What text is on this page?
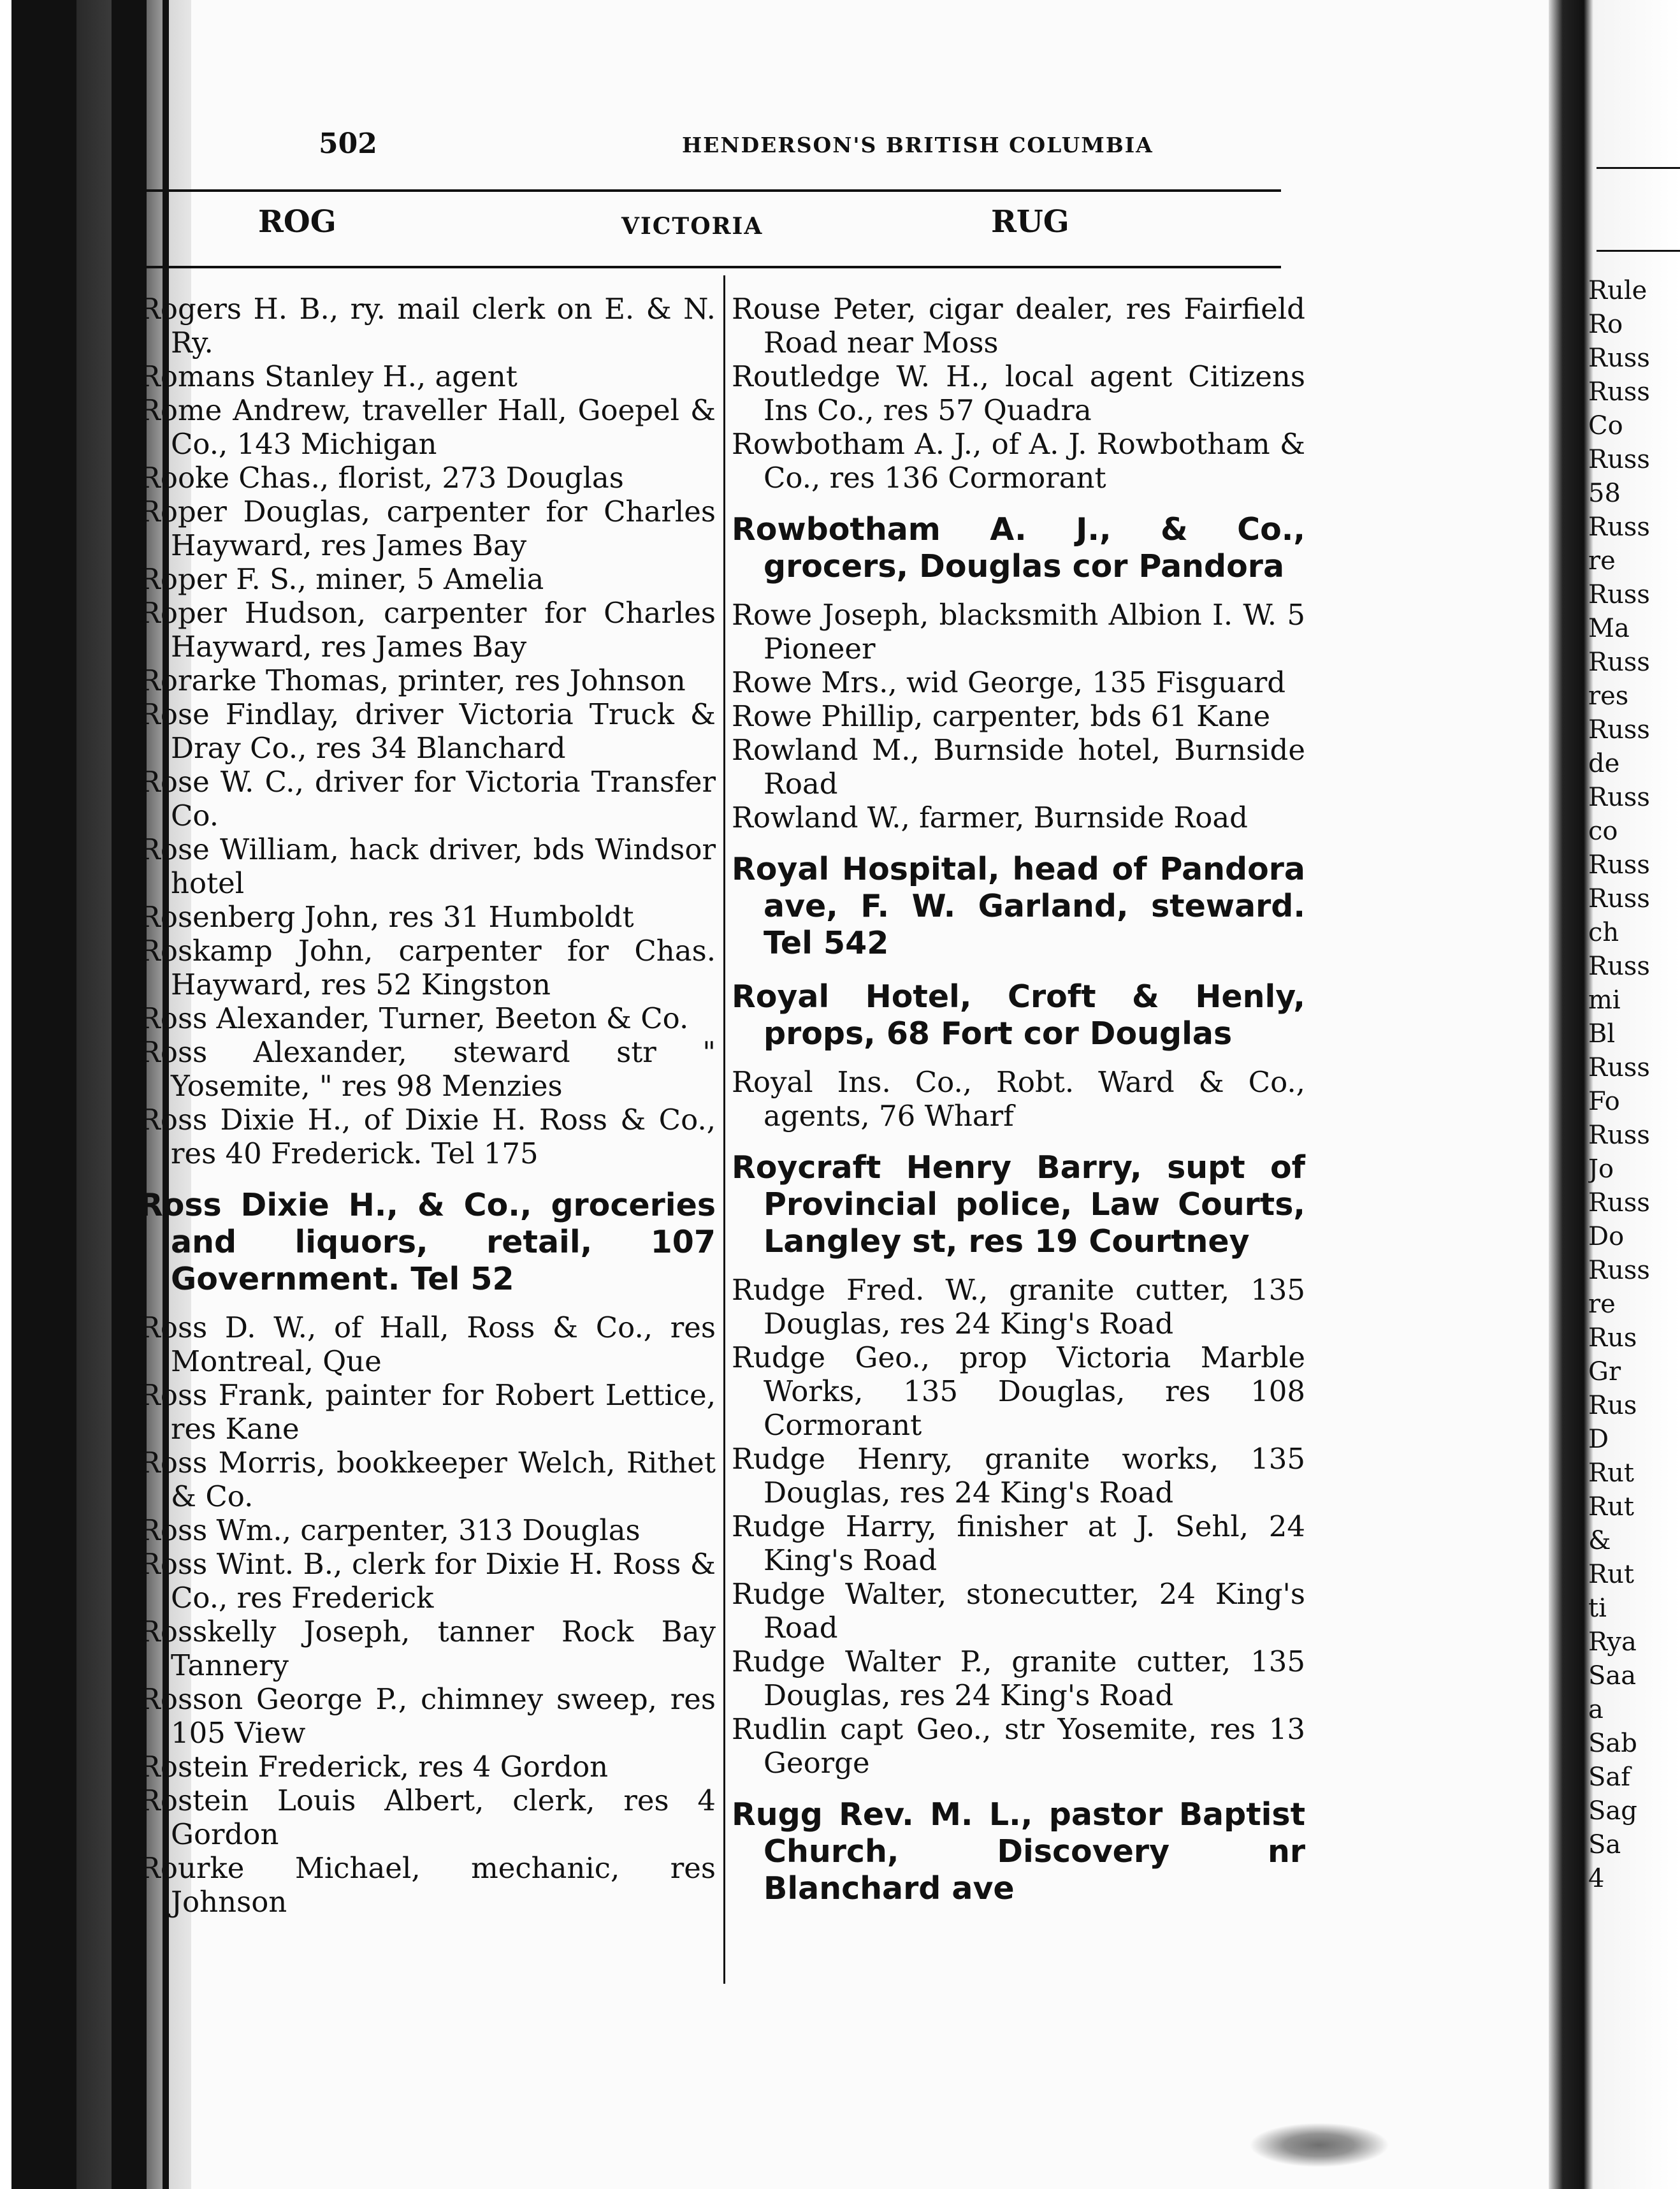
502	HENDERSON'S BRITISH COLUMBIA
ROG	VICTORIA	RUG
Rogers H. B., ry. mail clerk on E. & N. Ry.
Romans Stanley H., agent
Rome Andrew, traveller Hall, Goepel & Co., 143 Michigan
Rooke Chas., florist, 273 Douglas
Roper Douglas, carpenter for Charles Hayward, res James Bay
Roper F. S., miner, 5 Amelia
Roper Hudson, carpenter for Charles Hayward, res James Bay
Rorarke Thomas, printer, res Johnson
Rose Findlay, driver Victoria Truck & Dray Co., res 34 Blanchard
Rose W. C., driver for Victoria Transfer Co.
Rose William, hack driver, bds Windsor hotel
Rosenberg John, res 31 Humboldt
Roskamp John, carpenter for Chas. Hayward, res 52 Kingston
Ross Alexander, Turner, Beeton & Co.
Ross Alexander, steward str " Yosemite, " res 98 Menzies
Ross Dixie H., of Dixie H. Ross & Co., res 40 Frederick. Tel 175
Ross Dixie H., & Co., groceries and liquors, retail, 107 Government. Tel 52
Ross D. W., of Hall, Ross & Co., res Montreal, Que
Ross Frank, painter for Robert Lettice, res Kane
Ross Morris, bookkeeper Welch, Rithet & Co.
Ross Wm., carpenter, 313 Douglas
Ross Wint. B., clerk for Dixie H. Ross & Co., res Frederick
Rosskelly Joseph, tanner Rock Bay Tannery
Rosson George P., chimney sweep, res 105 View
Rostein Frederick, res 4 Gordon
Rostein Louis Albert, clerk, res 4 Gordon
Rourke Michael, mechanic, res Johnson
Rouse Peter, cigar dealer, res Fairfield Road near Moss
Routledge W. H., local agent Citizens Ins Co., res 57 Quadra
Rowbotham A. J., of A. J. Rowbotham & Co., res 136 Cormorant
Rowbotham A. J., & Co., grocers, Douglas cor Pandora
Rowe Joseph, blacksmith Albion I. W. 5 Pioneer
Rowe Mrs., wid George, 135 Fisguard
Rowe Phillip, carpenter, bds 61 Kane
Rowland M., Burnside hotel, Burnside Road
Rowland W., farmer, Burnside Road
Royal Hospital, head of Pandora ave, F. W. Garland, steward. Tel 542
Royal Hotel, Croft & Henly, props, 68 Fort cor Douglas
Royal Ins. Co., Robt. Ward & Co., agents, 76 Wharf
Roycraft Henry Barry, supt of Provincial police, Law Courts, Langley st, res 19 Courtney
Rudge Fred. W., granite cutter, 135 Douglas, res 24 King's Road
Rudge Geo., prop Victoria Marble Works, 135 Douglas, res 108 Cormorant
Rudge Henry, granite works, 135 Douglas, res 24 King's Road
Rudge Harry, finisher at J. Sehl, 24 King's Road
Rudge Walter, stonecutter, 24 King's Road
Rudge Walter P., granite cutter, 135 Douglas, res 24 King's Road
Rudlin capt Geo., str Yosemite, res 13 George
Rugg Rev. M. L., pastor Baptist Church, Discovery nr Blanchard ave
Rule
Ro
Russ
Russ
Co
Russ
58
Russ
re
Russ
Ma
Russ
res
Russ
de
Russ
co
Russ
Russ
ch
Russ
mi
Bl
Russ
Fo
Russ
Jo
Russ
Do
Russ
re
Rus
Gr
Rus
D
Rut
Rut
&
Rut
ti
Rya
Saa
a
Sab
Saf
Sag
Sa
4
